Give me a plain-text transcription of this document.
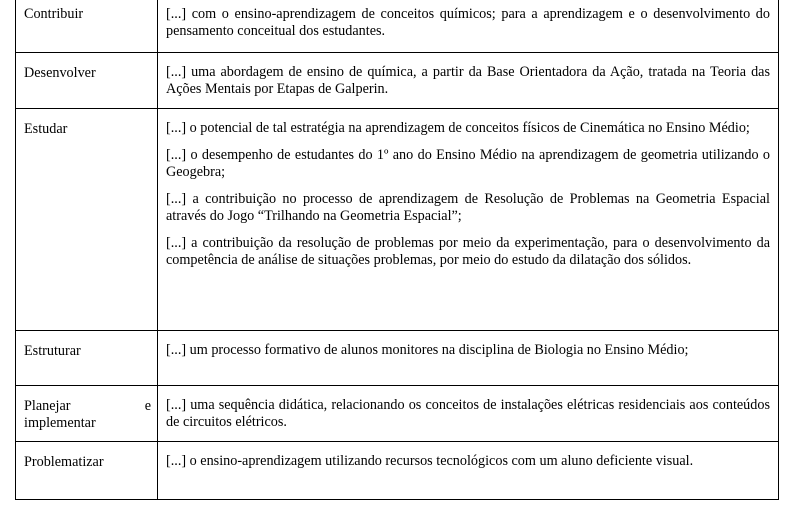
Contribuir	[...] com o ensino-aprendizagem de conceitos químicos; para a aprendizagem e o desenvolvimento do pensamento conceitual dos estudantes.

Desenvolver	[...] uma abordagem de ensino de química, a partir da Base Orientadora da Ação, tratada na Teoria das Ações Mentais por Etapas de Galperin.

Estudar	[...] o potencial de tal estratégia na aprendizagem de conceitos físicos de Cinemática no Ensino Médio;

[...] o desempenho de estudantes do 1º ano do Ensino Médio na aprendizagem de geometria utilizando o Geogebra;

[...] a contribuição no processo de aprendizagem de Resolução de Problemas na Geometria Espacial através do Jogo “Trilhando na Geometria Espacial”;

[...] a contribuição da resolução de problemas por meio da experimentação, para o desenvolvimento da competência de análise de situações problemas, por meio do estudo da dilatação dos sólidos.

Estruturar	[...] um processo formativo de alunos monitores na disciplina de Biologia no Ensino Médio;

Planejar e implementar	[...] uma sequência didática, relacionando os conceitos de instalações elétricas residenciais aos conteúdos de circuitos elétricos.

Problematizar	[...] o ensino-aprendizagem utilizando recursos tecnológicos com um aluno deficiente visual.
